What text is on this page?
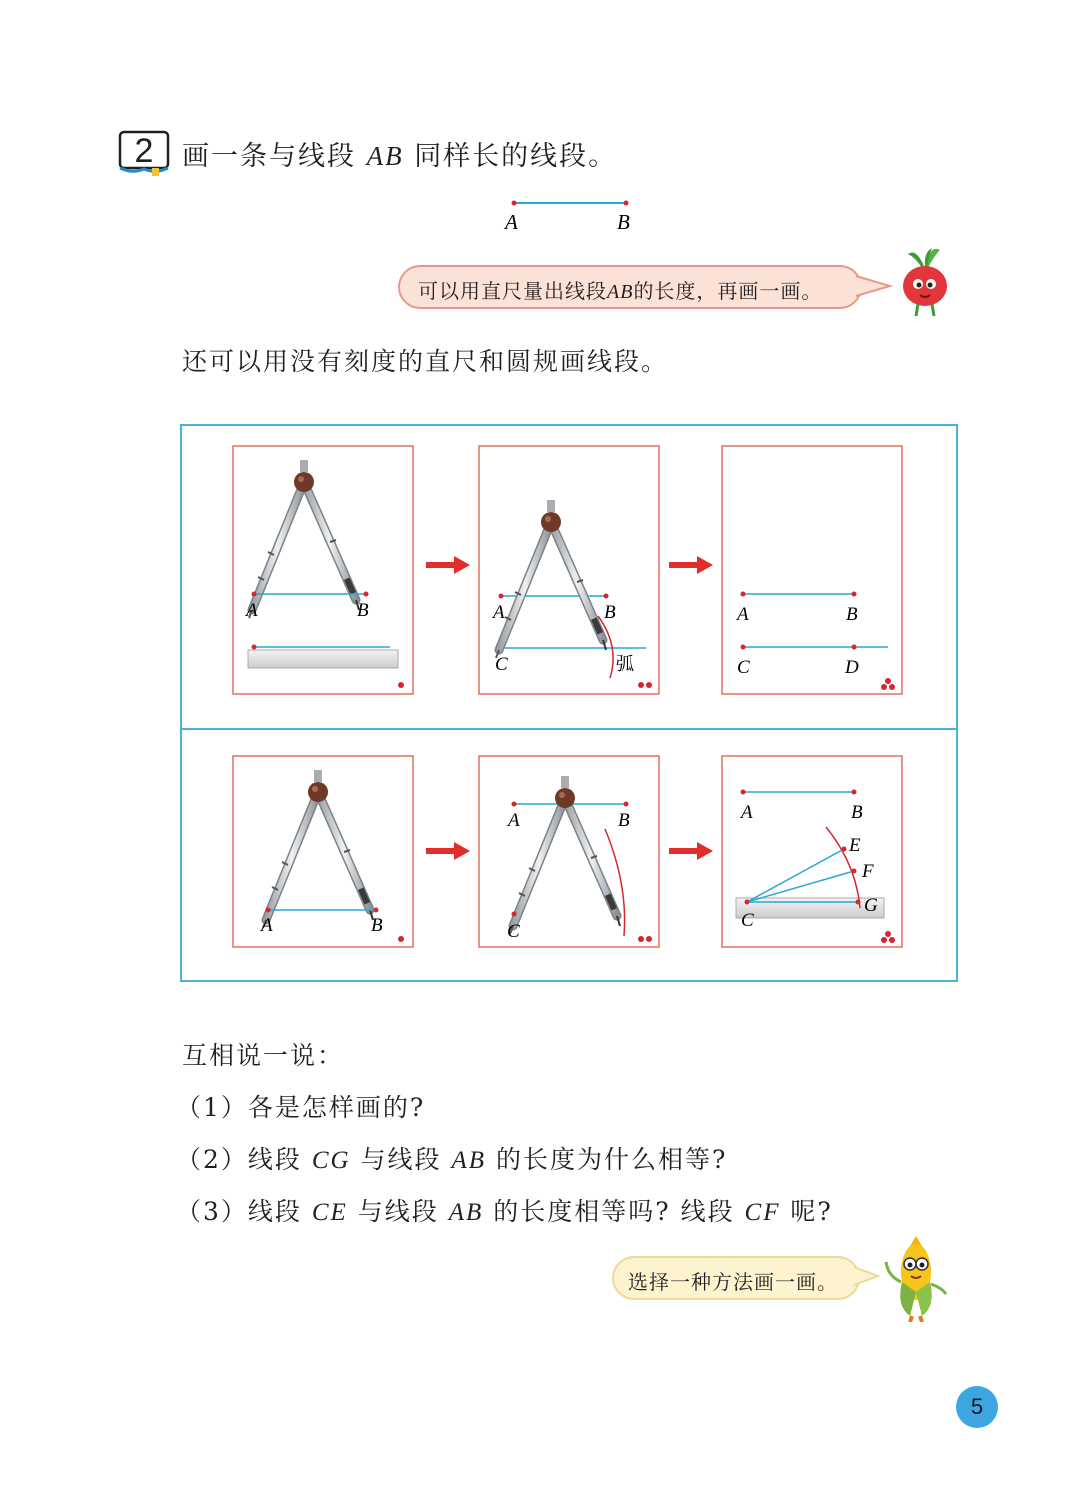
2	画一条与线段 AB 同样长的线段。
A	B
可以用直尺量出线段AB的长度，再画一画。
还可以用没有刻度的直尺和圆规画线段。
A	B	A	B
C	弧
A	B
C	D
A	B
A	B
C
A	B
E
F
G
C
互相说一说：
（1）各是怎样画的?
（2）线段 CG 与线段 AB 的长度为什么相等?
（3）线段 CE 与线段 AB 的长度相等吗? 线段 CF 呢?
选择一种方法画一画。
5
